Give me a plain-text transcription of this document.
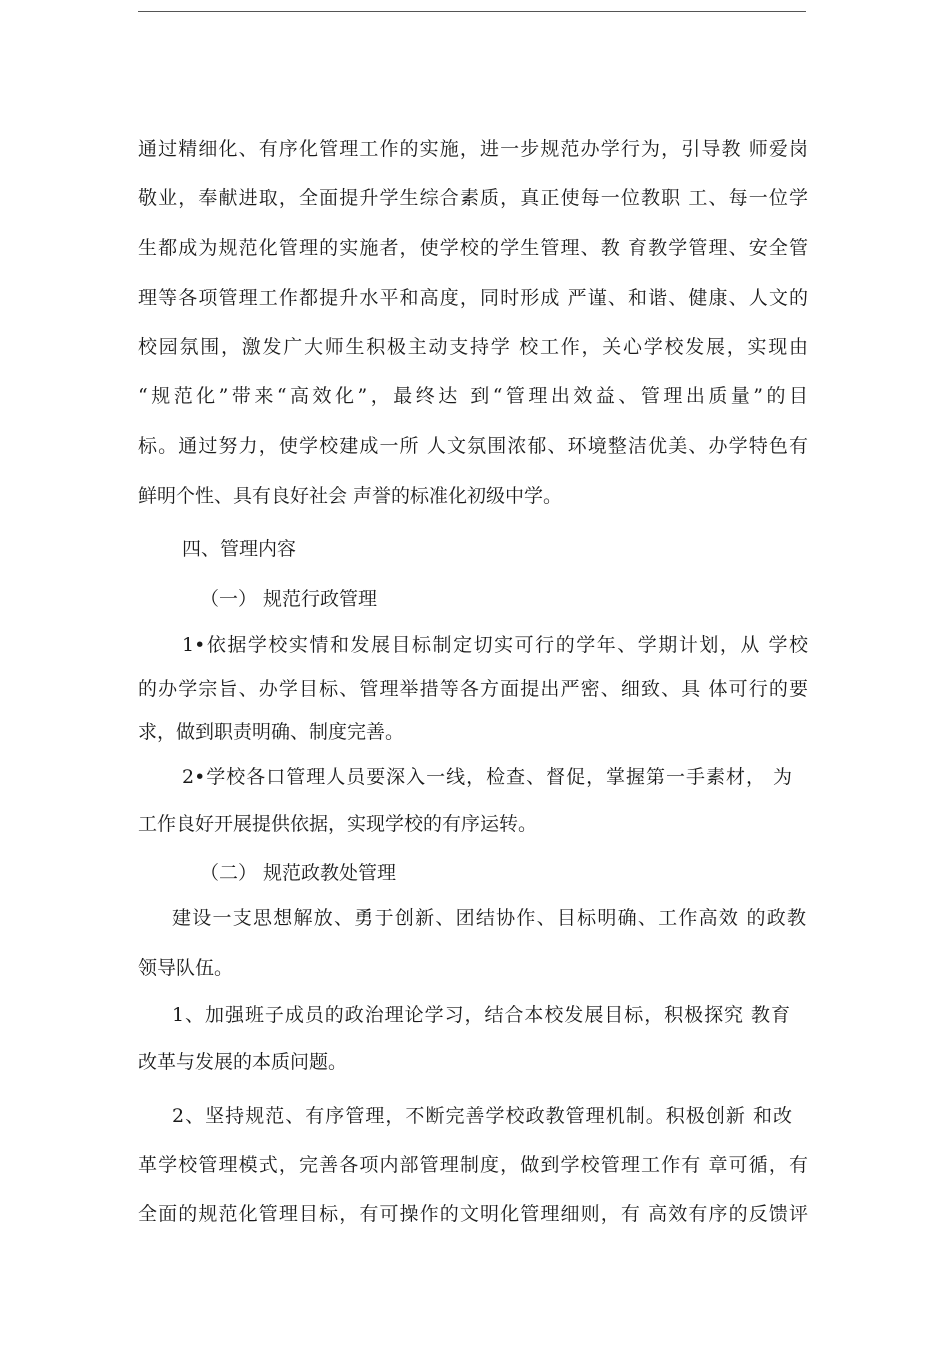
通过精细化、有序化管理工作的实施，进一步规范办学行为，引导教 师爱岗
敬业，奉献进取，全面提升学生综合素质，真正使每一位教职 工、每一位学
生都成为规范化管理的实施者，使学校的学生管理、教 育教学管理、安全管
理等各项管理工作都提升水平和高度，同时形成 严谨、和谐、健康、人文的
校园氛围，激发广大师生积极主动支持学 校工作，关心学校发展，实现由
“规范化”带来“高效化”，最终达 到“管理出效益、管理出质量”的目
标。通过努力，使学校建成一所 人文氛围浓郁、环境整洁优美、办学特色有
鲜明个性、具有良好社会 声誉的标准化初级中学。
四、管理内容
（一） 规范行政管理
1•依据学校实情和发展目标制定切实可行的学年、学期计划，从 学校
的办学宗旨、办学目标、管理举措等各方面提出严密、细致、具 体可行的要
求，做到职责明确、制度完善。
2•学校各口管理人员要深入一线，检查、督促，掌握第一手素材， 为
工作良好开展提供依据，实现学校的有序运转。
（二） 规范政教处管理
建设一支思想解放、勇于创新、团结协作、目标明确、工作高效 的政教
领导队伍。
1、加强班子成员的政治理论学习，结合本校发展目标，积极探究 教育
改革与发展的本质问题。
2、坚持规范、有序管理，不断完善学校政教管理机制。积极创新 和改
革学校管理模式，完善各项内部管理制度，做到学校管理工作有 章可循，有
全面的规范化管理目标，有可操作的文明化管理细则，有 高效有序的反馈评
